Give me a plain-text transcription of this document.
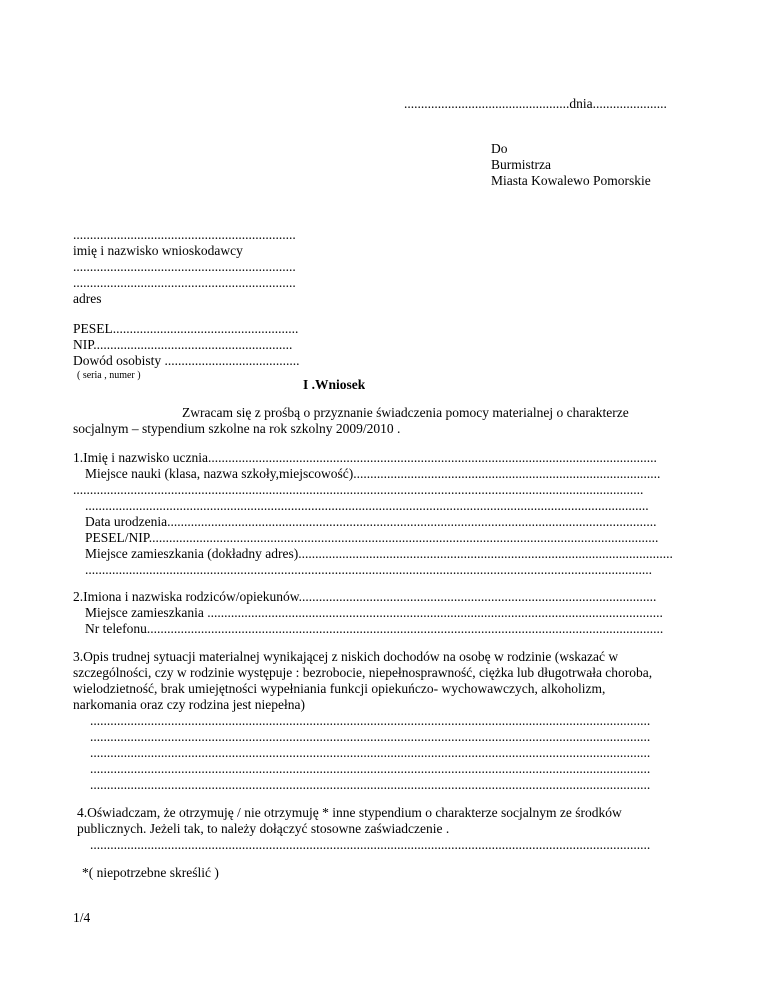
.................................................dnia......................
Do
Burmistrza
Miasta Kowalewo Pomorskie
..................................................................
imię i nazwisko wnioskodawcy
..................................................................
..................................................................
adres
PESEL.......................................................
NIP...........................................................
Dowód osobisty ........................................
( seria , numer )
I .Wniosek
Zwracam się z prośbą o przyznanie świadczenia pomocy materialnej o charakterze
socjalnym – stypendium szkolne na rok szkolny 2009/2010 .
1.Imię i nazwisko ucznia.....................................................................................................................................
Miejsce nauki (klasa, nazwa szkoły,miejscowość)...........................................................................................
.........................................................................................................................................................................
.......................................................................................................................................................................
Data urodzenia.................................................................................................................................................
PESEL/NIP.......................................................................................................................................................
Miejsce zamieszkania (dokładny adres)...............................................................................................................
........................................................................................................................................................................
2.Imiona i nazwiska rodziców/opiekunów..........................................................................................................
Miejsce zamieszkania .......................................................................................................................................
Nr telefonu.........................................................................................................................................................
3.Opis trudnej sytuacji materialnej wynikającej z niskich dochodów na osobę w rodzinie (wskazać w
szczególności, czy w rodzinie występuje : bezrobocie, niepełnosprawność, ciężka lub długotrwała choroba,
wielodzietność, brak umiejętności wypełniania funkcji opiekuńczo- wychowawczych, alkoholizm,
narkomania oraz czy rodzina jest niepełna)
......................................................................................................................................................................
......................................................................................................................................................................
......................................................................................................................................................................
......................................................................................................................................................................
......................................................................................................................................................................
4.Oświadczam, że otrzymuję / nie otrzymuję * inne stypendium o charakterze socjalnym ze środków
publicznych. Jeżeli tak, to należy dołączyć stosowne zaświadczenie .
......................................................................................................................................................................
*( niepotrzebne skreślić )
1/4
